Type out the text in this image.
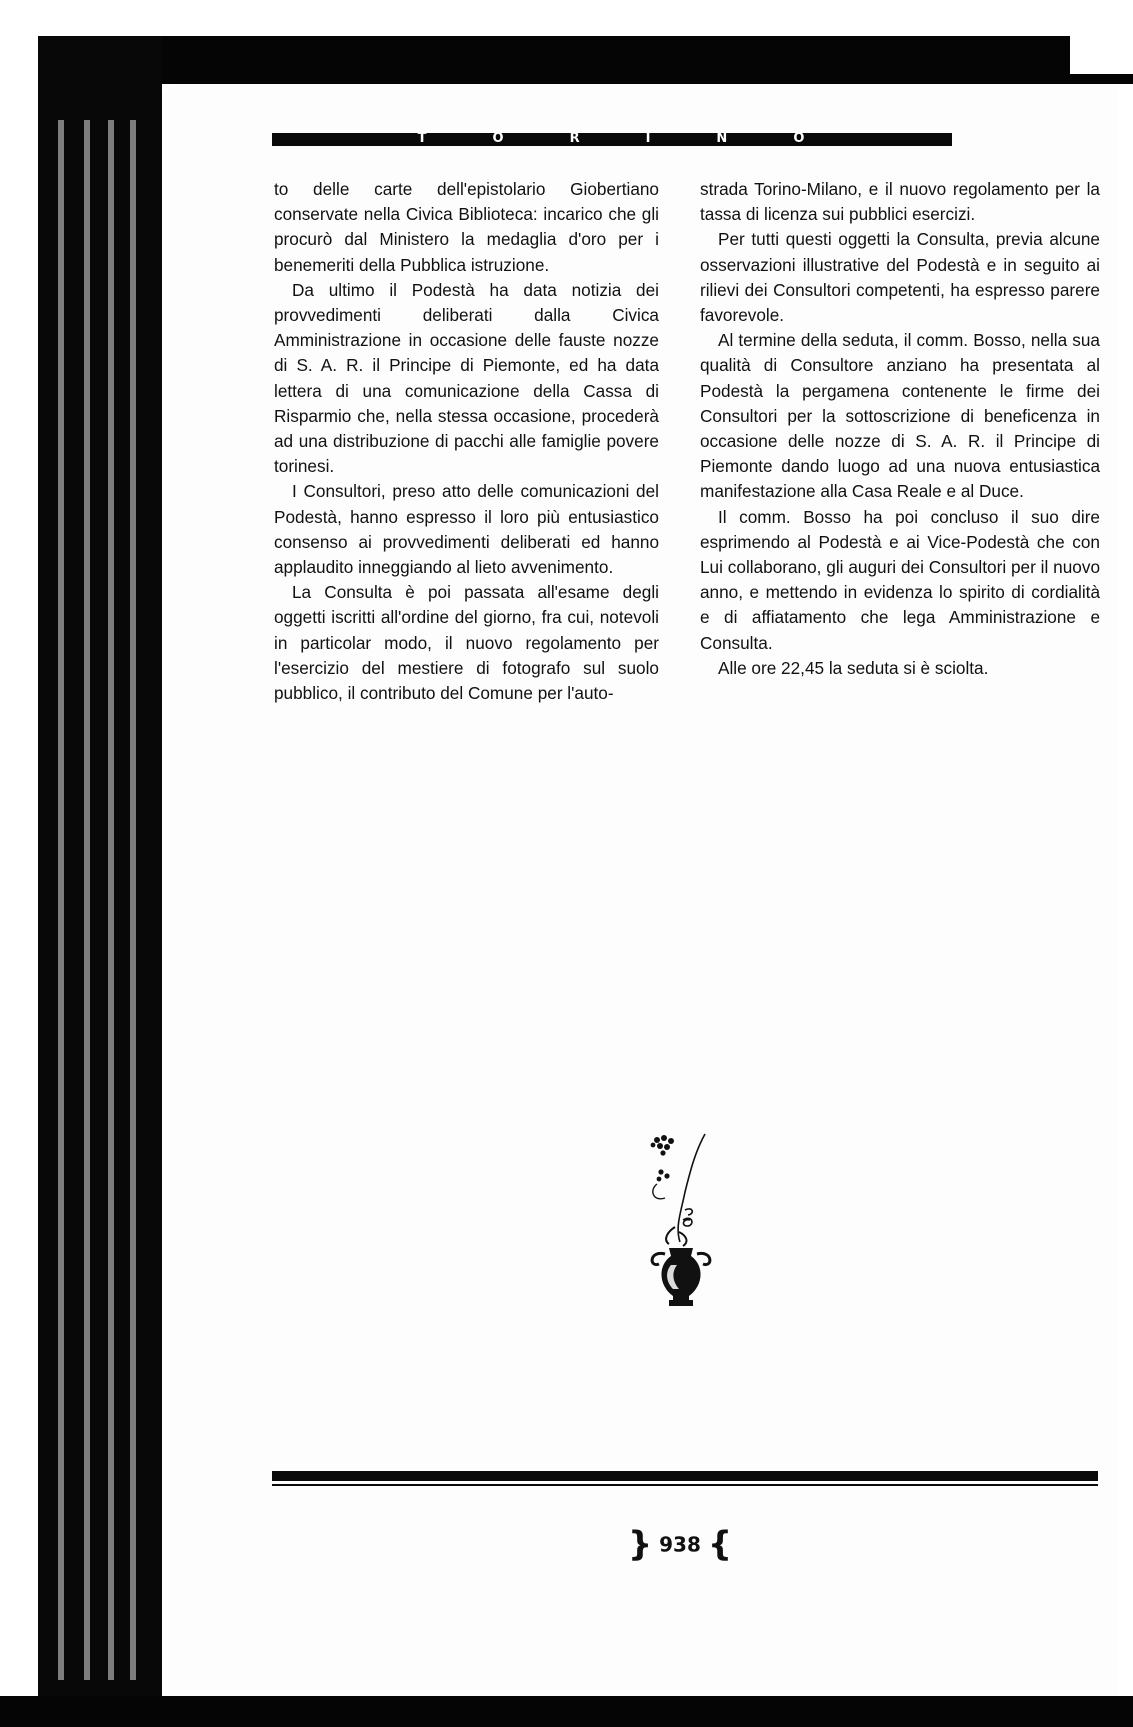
T	O	R	I	N	O

to delle carte dell'epistolario Giobertiano conservate nella Civica Biblioteca: incarico che gli procurò dal Ministero la medaglia d'oro per i benemeriti della Pubblica istruzione.

Da ultimo il Podestà ha data notizia dei provvedimenti deliberati dalla Civica Amministrazione in occasione delle fauste nozze di S. A. R. il Principe di Piemonte, ed ha data lettera di una comunicazione della Cassa di Risparmio che, nella stessa occasione, procederà ad una distribuzione di pacchi alle famiglie povere torinesi.

I Consultori, preso atto delle comunicazioni del Podestà, hanno espresso il loro più entusiastico consenso ai provvedimenti deliberati ed hanno applaudito inneggiando al lieto avvenimento.

La Consulta è poi passata all'esame degli oggetti iscritti all'ordine del giorno, fra cui, notevoli in particolar modo, il nuovo regolamento per l'esercizio del mestiere di fotografo sul suolo pubblico, il contributo del Comune per l'auto-

strada Torino-Milano, e il nuovo regolamento per la tassa di licenza sui pubblici esercizi.

Per tutti questi oggetti la Consulta, previa alcune osservazioni illustrative del Podestà e in seguito ai rilievi dei Consultori competenti, ha espresso parere favorevole.

Al termine della seduta, il comm. Bosso, nella sua qualità di Consultore anziano ha presentata al Podestà la pergamena contenente le firme dei Consultori per la sottoscrizione di beneficenza in occasione delle nozze di S. A. R. il Principe di Piemonte dando luogo ad una nuova entusiastica manifestazione alla Casa Reale e al Duce.

Il comm. Bosso ha poi concluso il suo dire esprimendo al Podestà e ai Vice-Podestà che con Lui collaborano, gli auguri dei Consultori per il nuovo anno, e mettendo in evidenza lo spirito di cordialità e di affiatamento che lega Amministrazione e Consulta.

Alle ore 22,45 la seduta si è sciolta.

} 938 {
